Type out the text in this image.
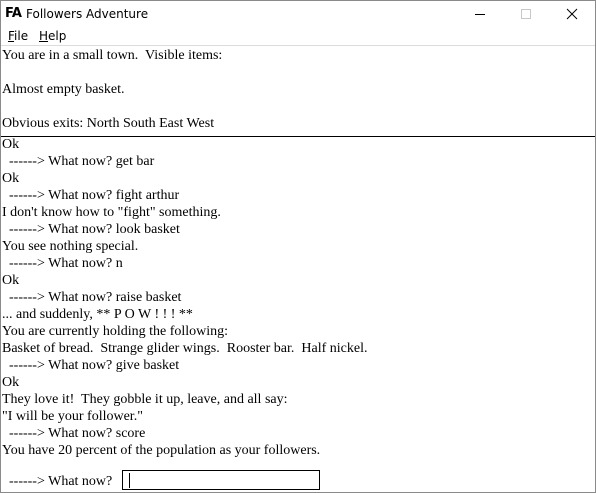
FA Followers Adventure
File Help
You are in a small town.  Visible items:
Almost empty basket.
Obvious exits: North South East West
Ok
------> What now? get bar
Ok
------> What now? fight arthur
I don't know how to "fight" something.
------> What now? look basket
You see nothing special.
------> What now? n
Ok
------> What now? raise basket
... and suddenly, ** P O W ! ! ! **
You are currently holding the following:
Basket of bread.  Strange glider wings.  Rooster bar.  Half nickel.
------> What now? give basket
Ok
They love it!  They gobble it up, leave, and all say:
"I will be your follower."
------> What now? score
You have 20 percent of the population as your followers.

------> What now?
